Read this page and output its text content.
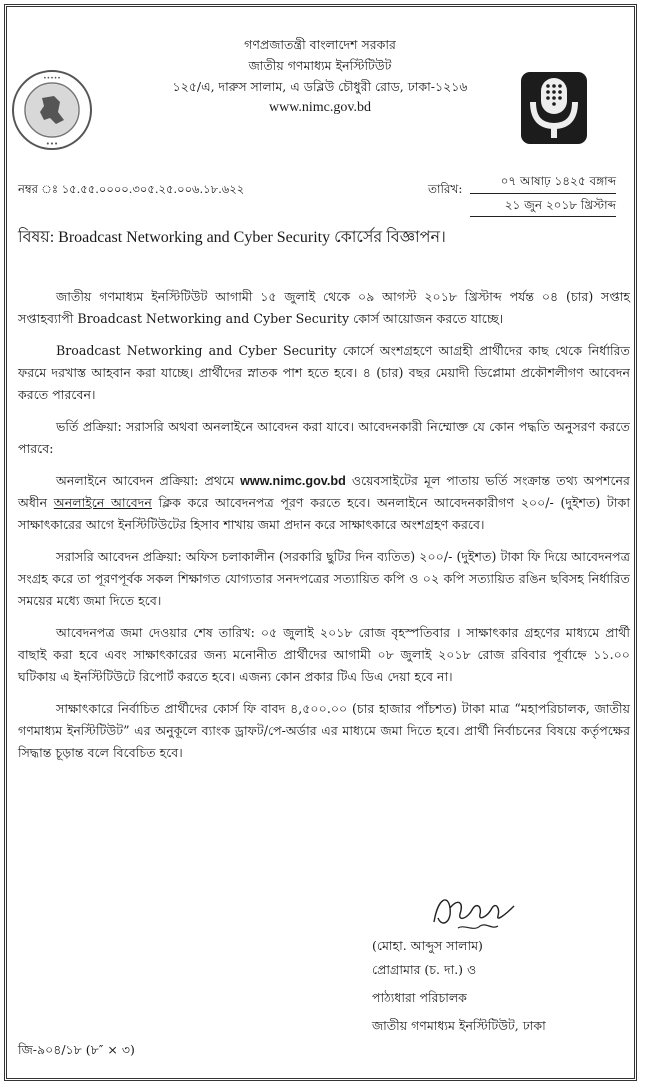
•••••
•••
গণপ্রজাতন্ত্রী বাংলাদেশ সরকার
জাতীয় গণমাধ্যম ইনস্টিটিউট
১২৫/এ, দারুস সালাম, এ ডব্লিউ চৌধুরী রোড, ঢাকা-১২১৬
www.nimc.gov.bd
নম্বর ঃ ১৫.৫৫.০০০০.৩০৫.২৫.০০৬.১৮.৬২২	তারিখ:
০৭ আষাঢ় ১৪২৫ বঙ্গাব্দ
২১ জুন ২০১৮ খ্রিস্টাব্দ
বিষয়: Broadcast Networking and Cyber Security কোর্সের বিজ্ঞাপন।

জাতীয় গণমাধ্যম ইনস্টিটিউট আগামী ১৫ জুলাই থেকে ০৯ আগস্ট ২০১৮ খ্রিস্টাব্দ পর্যন্ত ০৪ (চার) সপ্তাহ সপ্তাহব্যাপী Broadcast Networking and Cyber Security কোর্স আয়োজন করতে যাচ্ছে।

Broadcast Networking and Cyber Security কোর্সে অংশগ্রহণে আগ্রহী প্রার্থীদের কাছ থেকে নির্ধারিত ফরমে দরখাস্ত আহবান করা যাচ্ছে। প্রার্থীদের স্নাতক পাশ হতে হবে। ৪ (চার) বছর মেয়াদী ডিপ্লোমা প্রকৌশলীগণ আবেদন করতে পারবেন।

ভর্তি প্রক্রিয়া: সরাসরি অথবা অনলাইনে আবেদন করা যাবে। আবেদনকারী নিম্মোক্ত যে কোন পদ্ধতি অনুসরণ করতে পারবে:

অনলাইনে আবেদন প্রক্রিয়া: প্রথমে www.nimc.gov.bd ওয়েবসাইটের মূল পাতায় ভর্তি সংক্রান্ত তথ্য অপশনের অধীন অনলাইনে আবেদন ক্লিক করে আবেদনপত্র পূরণ করতে হবে। অনলাইনে আবেদনকারীগণ ২০০/- (দুইশত) টাকা সাক্ষাৎকারের আগে ইনস্টিটিউটের হিসাব শাখায় জমা প্রদান করে সাক্ষাৎকারে অংশগ্রহণ করবে।

সরাসরি আবেদন প্রক্রিয়া: অফিস চলাকালীন (সরকারি ছুটির দিন ব্যতিত) ২০০/- (দুইশত) টাকা ফি দিয়ে আবেদনপত্র সংগ্রহ করে তা পূরণপূর্বক সকল শিক্ষাগত যোগ্যতার সনদপত্রের সত্যায়িত কপি ও ০২ কপি সত্যায়িত রঙিন ছবিসহ নির্ধারিত সময়ের মধ্যে জমা দিতে হবে।

আবেদনপত্র জমা দেওয়ার শেষ তারিখ: ০৫ জুলাই ২০১৮ রোজ বৃহস্পতিবার । সাক্ষাৎকার গ্রহণের মাধ্যমে প্রার্থী বাছাই করা হবে এবং সাক্ষাৎকারের জন্য মনোনীত প্রার্থীদের আগামী ০৮ জুলাই ২০১৮ রোজ রবিবার পূর্বাহ্নে ১১.০০ ঘটিকায় এ ইনস্টিটিউটে রিপোর্ট করতে হবে। এজন্য কোন প্রকার টিএ ডিএ দেয়া হবে না।

সাক্ষাৎকারে নির্বাচিত প্রার্থীদের কোর্স ফি বাবদ ৪,৫০০.০০ (চার হাজার পাঁচশত) টাকা মাত্র “মহাপরিচালক, জাতীয় গণমাধ্যম ইনস্টিটিউট” এর অনুকূলে ব্যাংক ড্রাফট/পে-অর্ডার এর মাধ্যমে জমা দিতে হবে। প্রার্থী নির্বাচনের বিষয়ে কর্তৃপক্ষের সিদ্ধান্ত চূড়ান্ত বলে বিবেচিত হবে।

(মোহা. আব্দুস সালাম)
প্রোগ্রামার (চ. দা.) ও
পাঠ্যধারা পরিচালক
জাতীয় গণমাধ্যম ইনস্টিটিউট, ঢাকা
জি-৯০৪/১৮ (৮″ × ৩)
